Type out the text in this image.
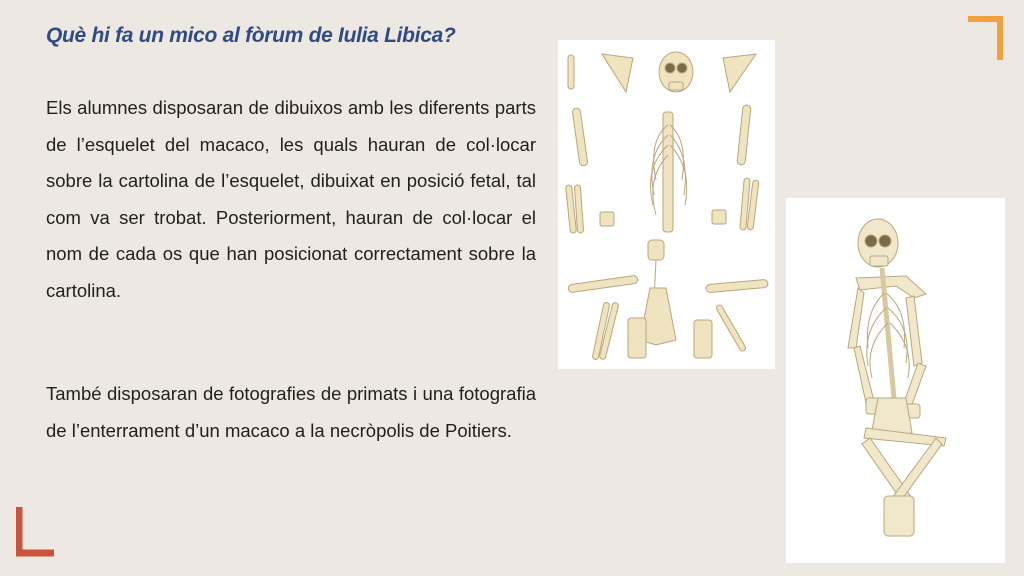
Què hi fa un mico al fòrum de Iulia Libica?

Els alumnes disposaran de dibuixos amb les diferents parts de l’esquelet del macaco, les quals hauran de col·locar sobre la cartolina de l’esquelet, dibuixat en posició fetal, tal com va ser trobat. Posteriorment, hauran de col·locar el nom de cada os que han posicionat correctament sobre la cartolina.

També disposaran de fotografies de primats i una fotografia de l’enterrament d’un macaco a la necròpolis de Poitiers.
